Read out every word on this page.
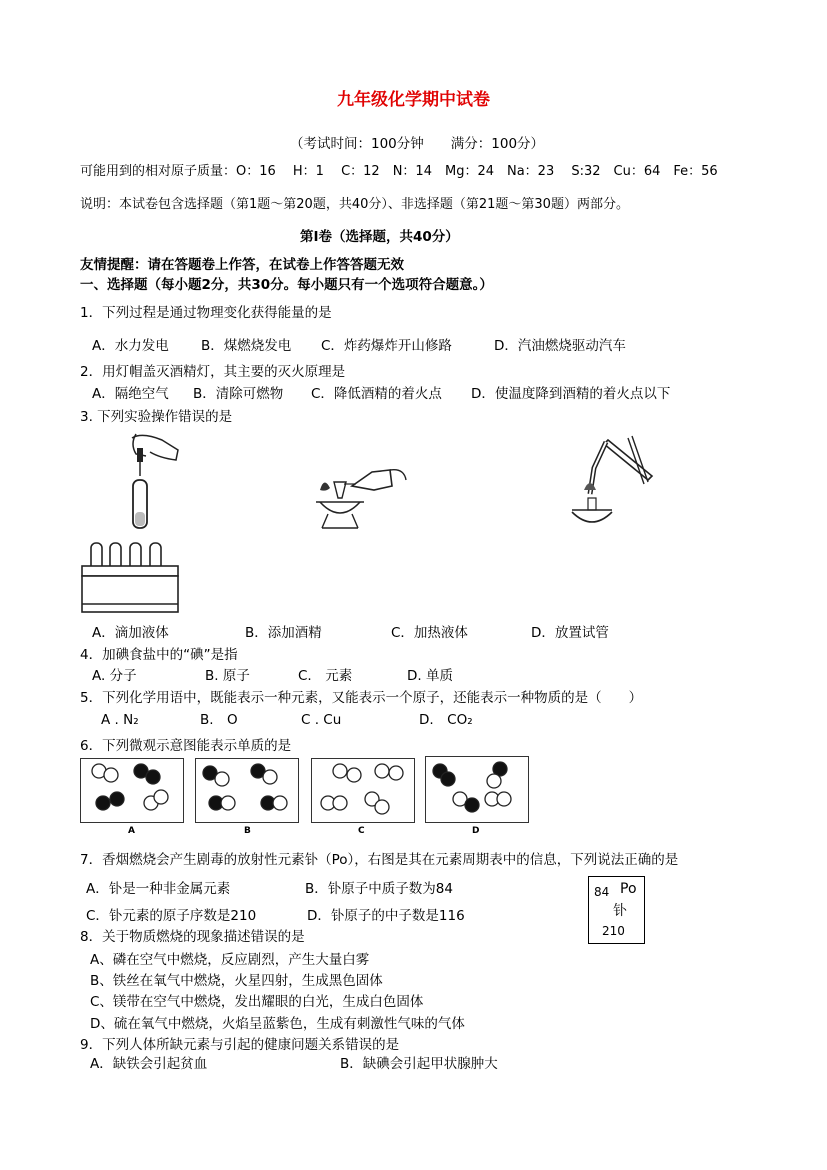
九年级化学期中试卷
（考试时间：100分钟　　满分：100分）
可能用到的相对原子质量：O：16　 H：1　 C：12　N：14　Mg：24　Na：23　 S:32　Cu：64　Fe：56
说明：本试卷包含选择题（第1题～第20题，共40分）、非选择题（第21题～第30题）两部分。
第Ⅰ卷（选择题，共40分）
友情提醒：请在答题卷上作答，在试卷上作答答题无效
一、选择题（每小题2分，共30分。每小题只有一个选项符合题意。）
1．下列过程是通过物理变化获得能量的是
A．水力发电 B．煤燃烧发电 C．炸药爆炸开山修路	D．汽油燃烧驱动汽车
2．用灯帽盖灭酒精灯，其主要的灭火原理是
A．隔绝空气 B．清除可燃物 C．降低酒精的着火点 D．使温度降到酒精的着火点以下
3. 下列实验操作错误的是
A．滴加液体	B．添加酒精	C．加热液体	D．放置试管
4．加碘食盐中的“碘”是指
A. 分子	B. 原子	C.　元素	D. 单质
5．下列化学用语中，既能表示一种元素，又能表示一个原子，还能表示一种物质的是（　　）
A . N₂	B.　O	C . Cu	D.　CO₂
6．下列微观示意图能表示单质的是
A	B	C	D
7．香烟燃烧会产生剧毒的放射性元素钋（Po），右图是其在元素周期表中的信息，下列说法正确的是
A．钋是一种非金属元素	B．钋原子中质子数为84
C．钋元素的原子序数是210	D．钋原子的中子数是116
84 Po
钋
210
8．关于物质燃烧的现象描述错误的是
A、磷在空气中燃烧，反应剧烈，产生大量白雾
B、铁丝在氧气中燃烧，火星四射，生成黑色固体
C、镁带在空气中燃烧，发出耀眼的白光，生成白色固体
D、硫在氧气中燃烧，火焰呈蓝紫色，生成有刺激性气味的气体
9．下列人体所缺元素与引起的健康问题关系错误的是
A．缺铁会引起贫血	B．缺碘会引起甲状腺肿大
